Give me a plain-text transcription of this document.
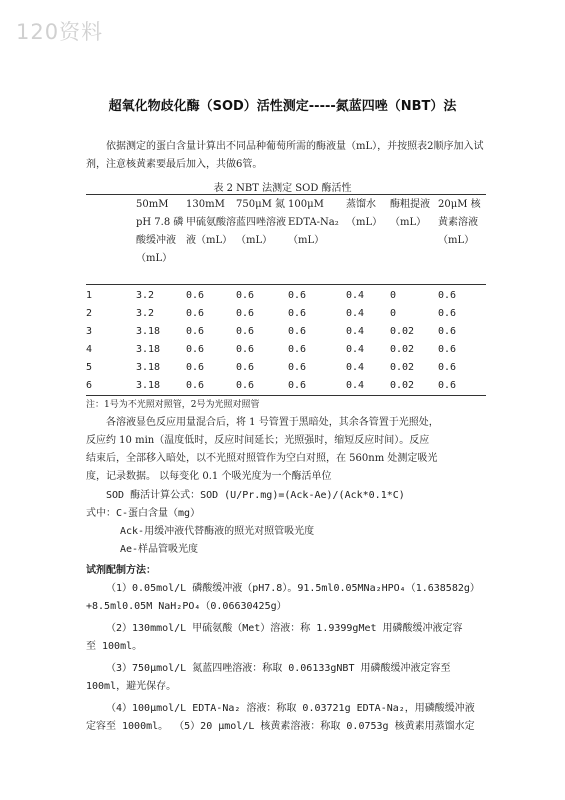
120资料
超氧化物歧化酶（SOD）活性测定-----氮蓝四唑（NBT）法
依据测定的蛋白含量计算出不同品种葡萄所需的酶液量（mL），并按照表2顺序加入试剂，注意核黄素要最后加入，共做6管。
表 2 NBT 法测定 SOD 酶活性
	50mM pH 7.8 磷酸缓冲液（mL）	130mM 甲硫氨酸溶液（mL）	750μM 氮蓝四唑溶液（mL）	100μM EDTA-Na₂（mL）	蒸馏水（mL）	酶粗提液（mL）	20μM 核黄素溶液（mL）
1	3.2	0.6	0.6	0.6	0.4	0	0.6
2	3.2	0.6	0.6	0.6	0.4	0	0.6
3	3.18	0.6	0.6	0.6	0.4	0.02	0.6
4	3.18	0.6	0.6	0.6	0.4	0.02	0.6
5	3.18	0.6	0.6	0.6	0.4	0.02	0.6
6	3.18	0.6	0.6	0.6	0.4	0.02	0.6
注：1号为不光照对照管，2号为光照对照管
各溶液显色反应用量混合后，将 1 号管置于黑暗处，其余各管置于光照处，
反应约 10 min（温度低时，反应时间延长；光照强时，缩短反应时间）。反应
结束后，全部移入暗处，以不光照对照管作为空白对照，在 560nm 处测定吸光
度，记录数据。 以每变化 0.1 个吸光度为一个酶活单位
SOD 酶活计算公式：SOD (U/Pr.mg)=(Ack-Ae)/(Ack*0.1*C)
式中：C-蛋白含量（mg）
Ack-用缓冲液代替酶液的照光对照管吸光度
Ae-样品管吸光度
试剂配制方法：
（1）0.05mol/L 磷酸缓冲液（pH7.8）。91.5ml0.05MNa₂HPO₄（1.638582g）
+8.5ml0.05M NaH₂PO₄（0.06630425g）
（2）130mmol/L 甲硫氨酸（Met）溶液：称 1.9399gMet 用磷酸缓冲液定容
至 100ml。
（3）750μmol/L 氮蓝四唑溶液：称取 0.06133gNBT 用磷酸缓冲液定容至
100ml，避光保存。
（4）100μmol/L EDTA-Na₂ 溶液：称取 0.03721g EDTA-Na₂，用磷酸缓冲液
定容至 1000ml。 （5）20 μmol/L 核黄素溶液：称取 0.0753g 核黄素用蒸馏水定
